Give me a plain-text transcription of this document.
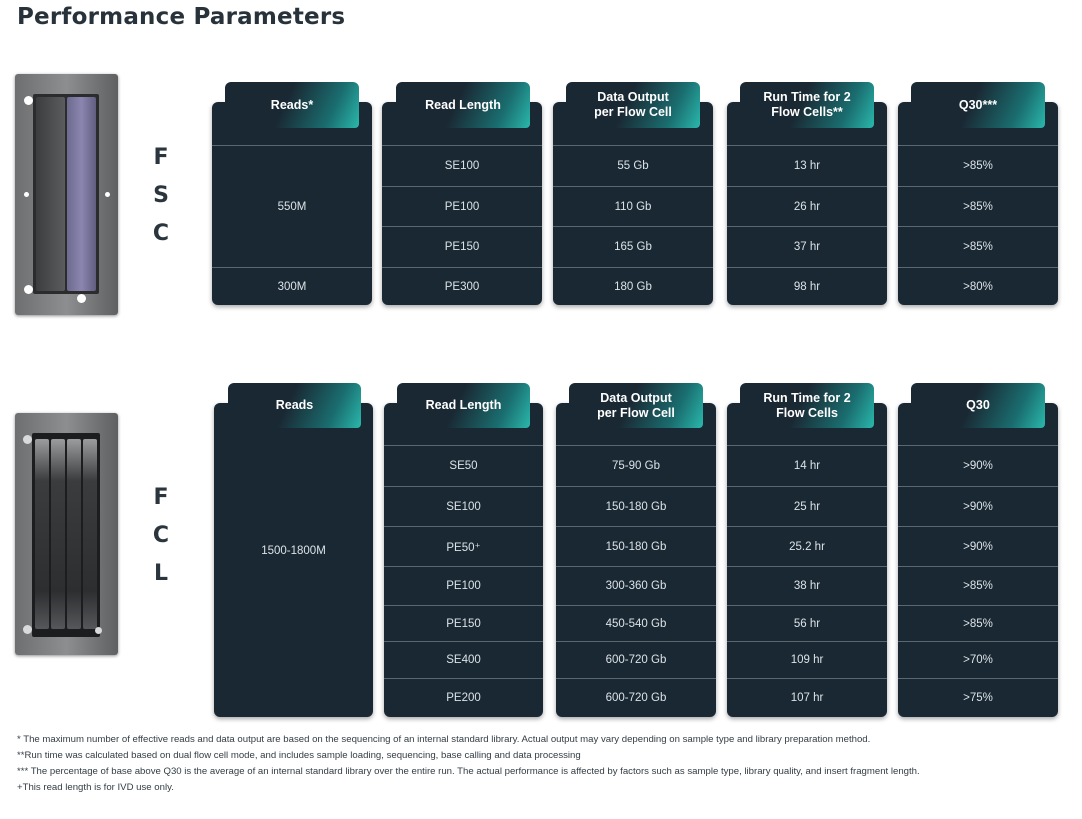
Performance Parameters
F
S
C
Reads*
550M
300M
Read Length
SE100
PE100
PE150
PE300
Data Output
per Flow Cell
55 Gb
110 Gb
165 Gb
180 Gb
Run Time for 2
Flow Cells**
13 hr
26 hr
37 hr
98 hr
Q30***
>85%
>85%
>85%
>80%
F
C
L
Reads
1500-1800M
Read Length
SE50
SE100
PE50⁺
PE100
PE150
SE400
PE200
Data Output
per Flow Cell
75-90 Gb
150-180 Gb
150-180 Gb
300-360 Gb
450-540 Gb
600-720 Gb
600-720 Gb
Run Time for 2
Flow Cells
14 hr
25 hr
25.2 hr
38 hr
56 hr
109 hr
107 hr
Q30
>90%
>90%
>90%
>85%
>85%
>70%
>75%

* The maximum number of effective reads and data output are based on the sequencing of an internal standard library. Actual output may vary depending on sample type and library preparation method.

**Run time was calculated based on dual flow cell mode, and includes sample loading, sequencing, base calling and data processing

*** The percentage of base above Q30 is the average of an internal standard library over the entire run. The actual performance is affected by factors such as sample type, library quality, and insert fragment length.

+This read length is for IVD use only.
